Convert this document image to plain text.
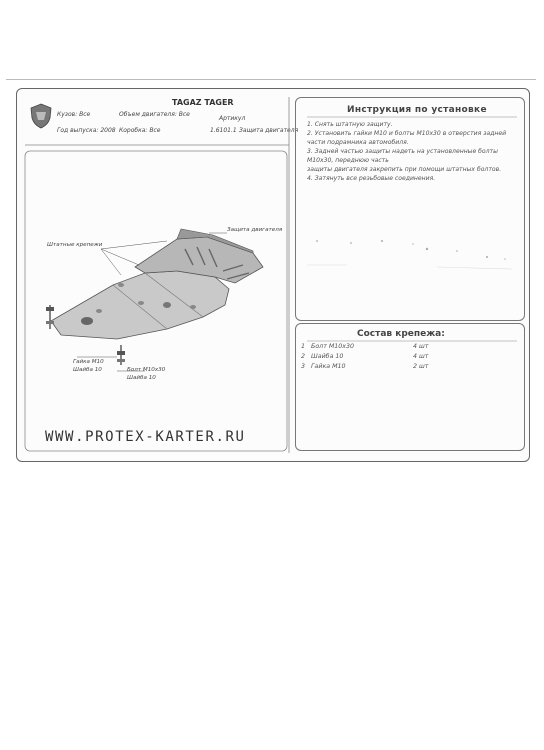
TAGAZ TAGER
Кузов: Все	Объем двигателя: Все
Артикул
Год выпуска: 2008 Коробка: Все	1.6101.1 Защита двигателя
Инструкция по установке
1. Снять штатную защиту.
2. Установить гайки М10 и болты М10х30 в отверстия задней
части подрамника автомобиля.
3. Задней частью защиты надеть на установленные болты
М10х30, переднюю часть
защиты двигателя закрепить при помощи штатных болтов.
4. Затянуть все резьбовые соединения.
Состав крепежа:
1 Болт М10х30	4 шт
2 Шайба 10	4 шт
3 Гайка М10	2 шт
Защита двигателя
Штатные крепежи
Гайка М10
Шайба 10	Болт М10х30
Шайба 10
WWW.PROTEX-KARTER.RU
